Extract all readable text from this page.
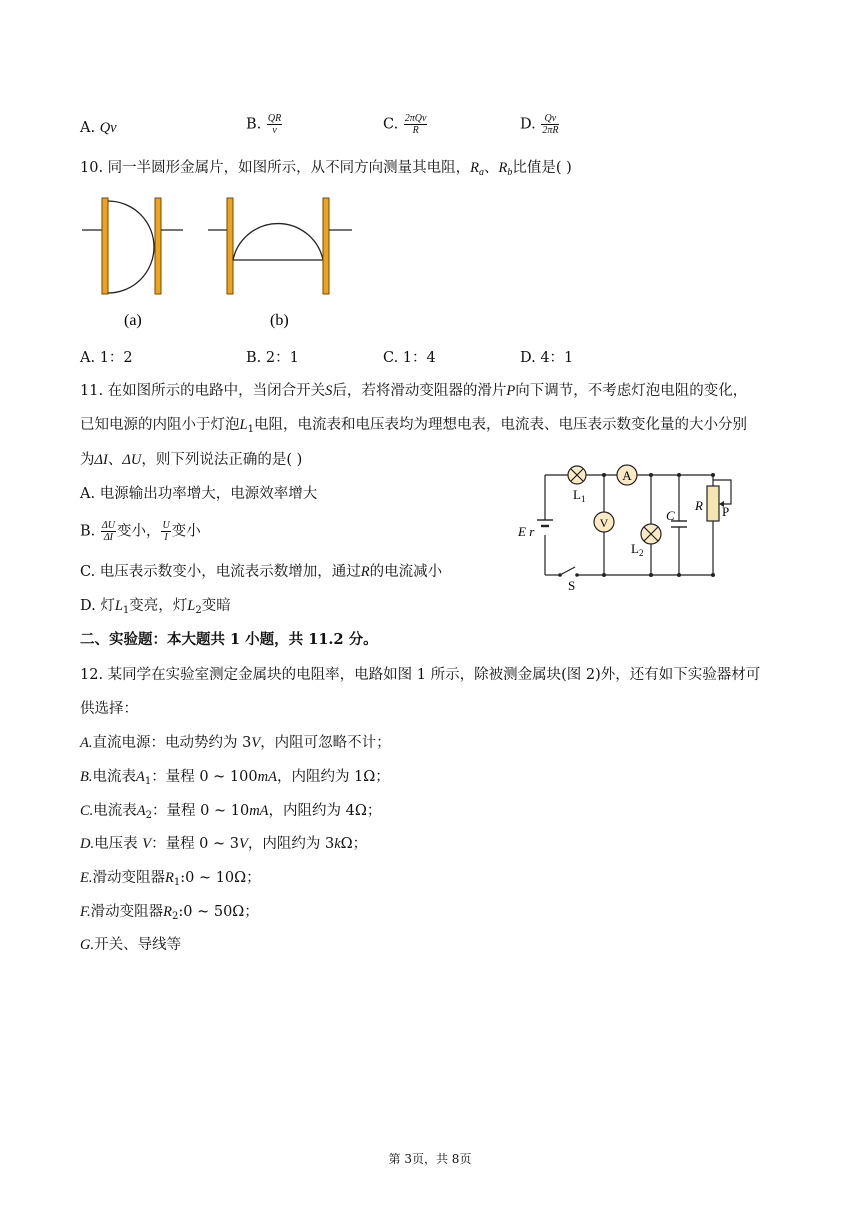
A. Qv	B. $\frac{QR}{v}$	C. $\frac{\text{2πQv}}{R}$	D. $\frac{Qv}{2\pi R}$
10. 同一半圆形金属片，如图所示，从不同方向测量其电阻，$R_a$、$R_b$比值是( )
(a)	(b)
A. 1：2	B. 2：1	C. 1：4	D. 4：1
11. 在如图所示的电路中，当闭合开关S后，若将滑动变阻器的滑片P向下调节，不考虑灯泡电阻的变化，
已知电源的内阻小于灯泡$L_1$电阻，电流表和电压表均为理想电表，电流表、电压表示数变化量的大小分别
为ΔI、ΔU，则下列说法正确的是( )
A. 电源输出功率增大，电源效率增大
B. $\frac{\Delta U}{\Delta I}$ 变小， $\frac{U}{I}$ 变小
C. 电压表示数变小，电流表示数增加，通过R的电流减小
D. 灯$L_1$变亮，灯$L_2$变暗
A
V
$L_1$
$L_2$
C
R P
E r
S
二、实验题：本大题共 1 小题，共 11.2 分。
12. 某同学在实验室测定金属块的电阻率，电路如图 1 所示，除被测金属块(图 2)外，还有如下实验器材可
供选择：
A.直流电源：电动势约为 3V，内阻可忽略不计；
B.电流表$A_1$：量程 0 ~ 100mA，内阻约为 1Ω；
C.电流表$A_2$：量程 0 ~ 10mA，内阻约为 4Ω；
D.电压表 V：量程 0 ~ 3V，内阻约为 3kΩ；
E.滑动变阻器$R_1:0$ ~ 10Ω；
F.滑动变阻器$R_2:0$ ~ 50Ω；
G.开关、导线等
第 3页，共 8页
